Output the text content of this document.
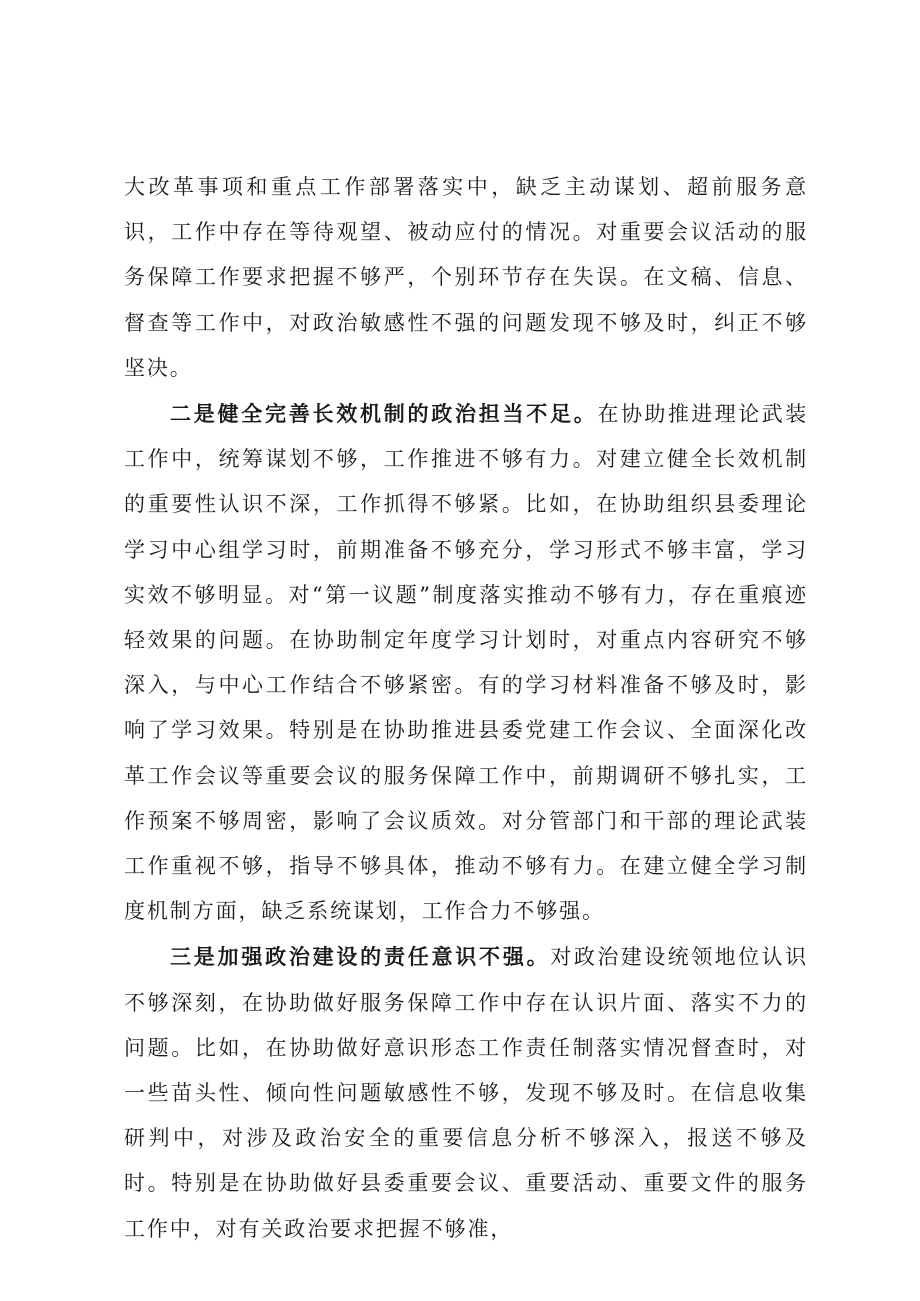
大改革事项和重点工作部署落实中，缺乏主动谋划、超前服务意识，工作中存在等待观望、被动应付的情况。对重要会议活动的服务保障工作要求把握不够严，个别环节存在失误。在文稿、信息、督查等工作中，对政治敏感性不强的问题发现不够及时，纠正不够坚决。

二是健全完善长效机制的政治担当不足。在协助推进理论武装工作中，统筹谋划不够，工作推进不够有力。对建立健全长效机制的重要性认识不深，工作抓得不够紧。比如，在协助组织县委理论学习中心组学习时，前期准备不够充分，学习形式不够丰富，学习实效不够明显。对“第一议题”制度落实推动不够有力，存在重痕迹轻效果的问题。在协助制定年度学习计划时，对重点内容研究不够深入，与中心工作结合不够紧密。有的学习材料准备不够及时，影响了学习效果。特别是在协助推进县委党建工作会议、全面深化改革工作会议等重要会议的服务保障工作中，前期调研不够扎实，工作预案不够周密，影响了会议质效。对分管部门和干部的理论武装工作重视不够，指导不够具体，推动不够有力。在建立健全学习制度机制方面，缺乏系统谋划，工作合力不够强。

三是加强政治建设的责任意识不强。对政治建设统领地位认识不够深刻，在协助做好服务保障工作中存在认识片面、落实不力的问题。比如，在协助做好意识形态工作责任制落实情况督查时，对一些苗头性、倾向性问题敏感性不够，发现不够及时。在信息收集研判中，对涉及政治安全的重要信息分析不够深入，报送不够及时。特别是在协助做好县委重要会议、重要活动、重要文件的服务工作中，对有关政治要求把握不够准，
